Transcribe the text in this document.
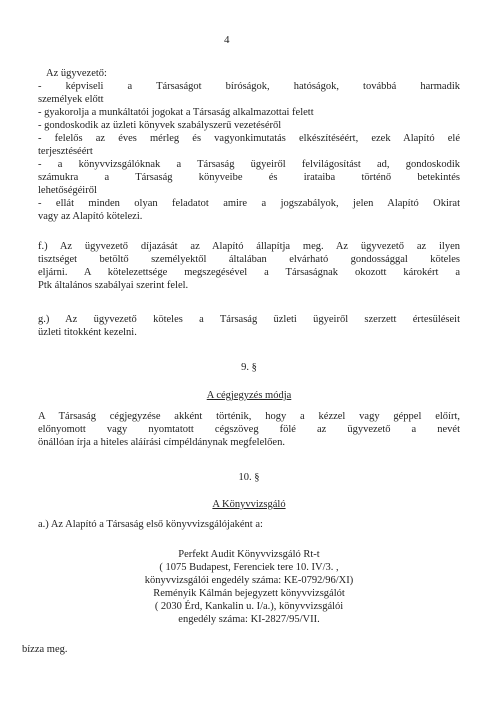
4
Az ügyvezető:
- képviseli a Társaságot bíróságok, hatóságok, továbbá harmadik
személyek előtt
- gyakorolja a munkáltatói jogokat a Társaság alkalmazottai felett
- gondoskodik az üzleti könyvek szabályszerű vezetéséről
- felelős az éves mérleg és vagyonkimutatás elkészítéséért, ezek Alapító elé
terjesztéséért
- a könyvvizsgálóknak a Társaság ügyeiről felvilágosítást ad, gondoskodik
számukra a Társaság könyveibe és irataiba történő betekintés
lehetőségéiről
- ellát minden olyan feladatot amire a jogszabályok, jelen Alapító Okirat
vagy az Alapító kötelezi.
f.) Az ügyvezető díjazását az Alapító állapítja meg. Az ügyvezető az ilyen
tisztséget betöltő személyektől általában elvárható gondossággal köteles
eljárni. A kötelezettsége megszegésével a Társaságnak okozott károkért a
Ptk általános szabályai szerint felel.
g.) Az ügyvezető köteles a Társaság üzleti ügyeiről szerzett értesüléseit
üzleti titokként kezelni.
9. §
A cégjegyzés módja
A Társaság cégjegyzése akként történik, hogy a kézzel vagy géppel előírt,
előnyomott vagy nyomtatott cégszöveg fölé az ügyvezető a nevét
önállóan írja a hiteles aláírási címpéldánynak megfelelően.
10. §
A Könyvvizsgáló
a.) Az Alapító a Társaság első könyvvizsgálójaként a:
Perfekt Audit Könyvvizsgáló Rt-t
( 1075 Budapest, Ferenciek tere 10. IV/3. ,
könyvvizsgálói engedély száma: KE-0792/96/XI)
Reményik Kálmán bejegyzett könyvvizsgálót
( 2030 Érd, Kankalin u. I/a.), könyvvizsgálói
engedély száma: KI-2827/95/VII.
bízza meg.
